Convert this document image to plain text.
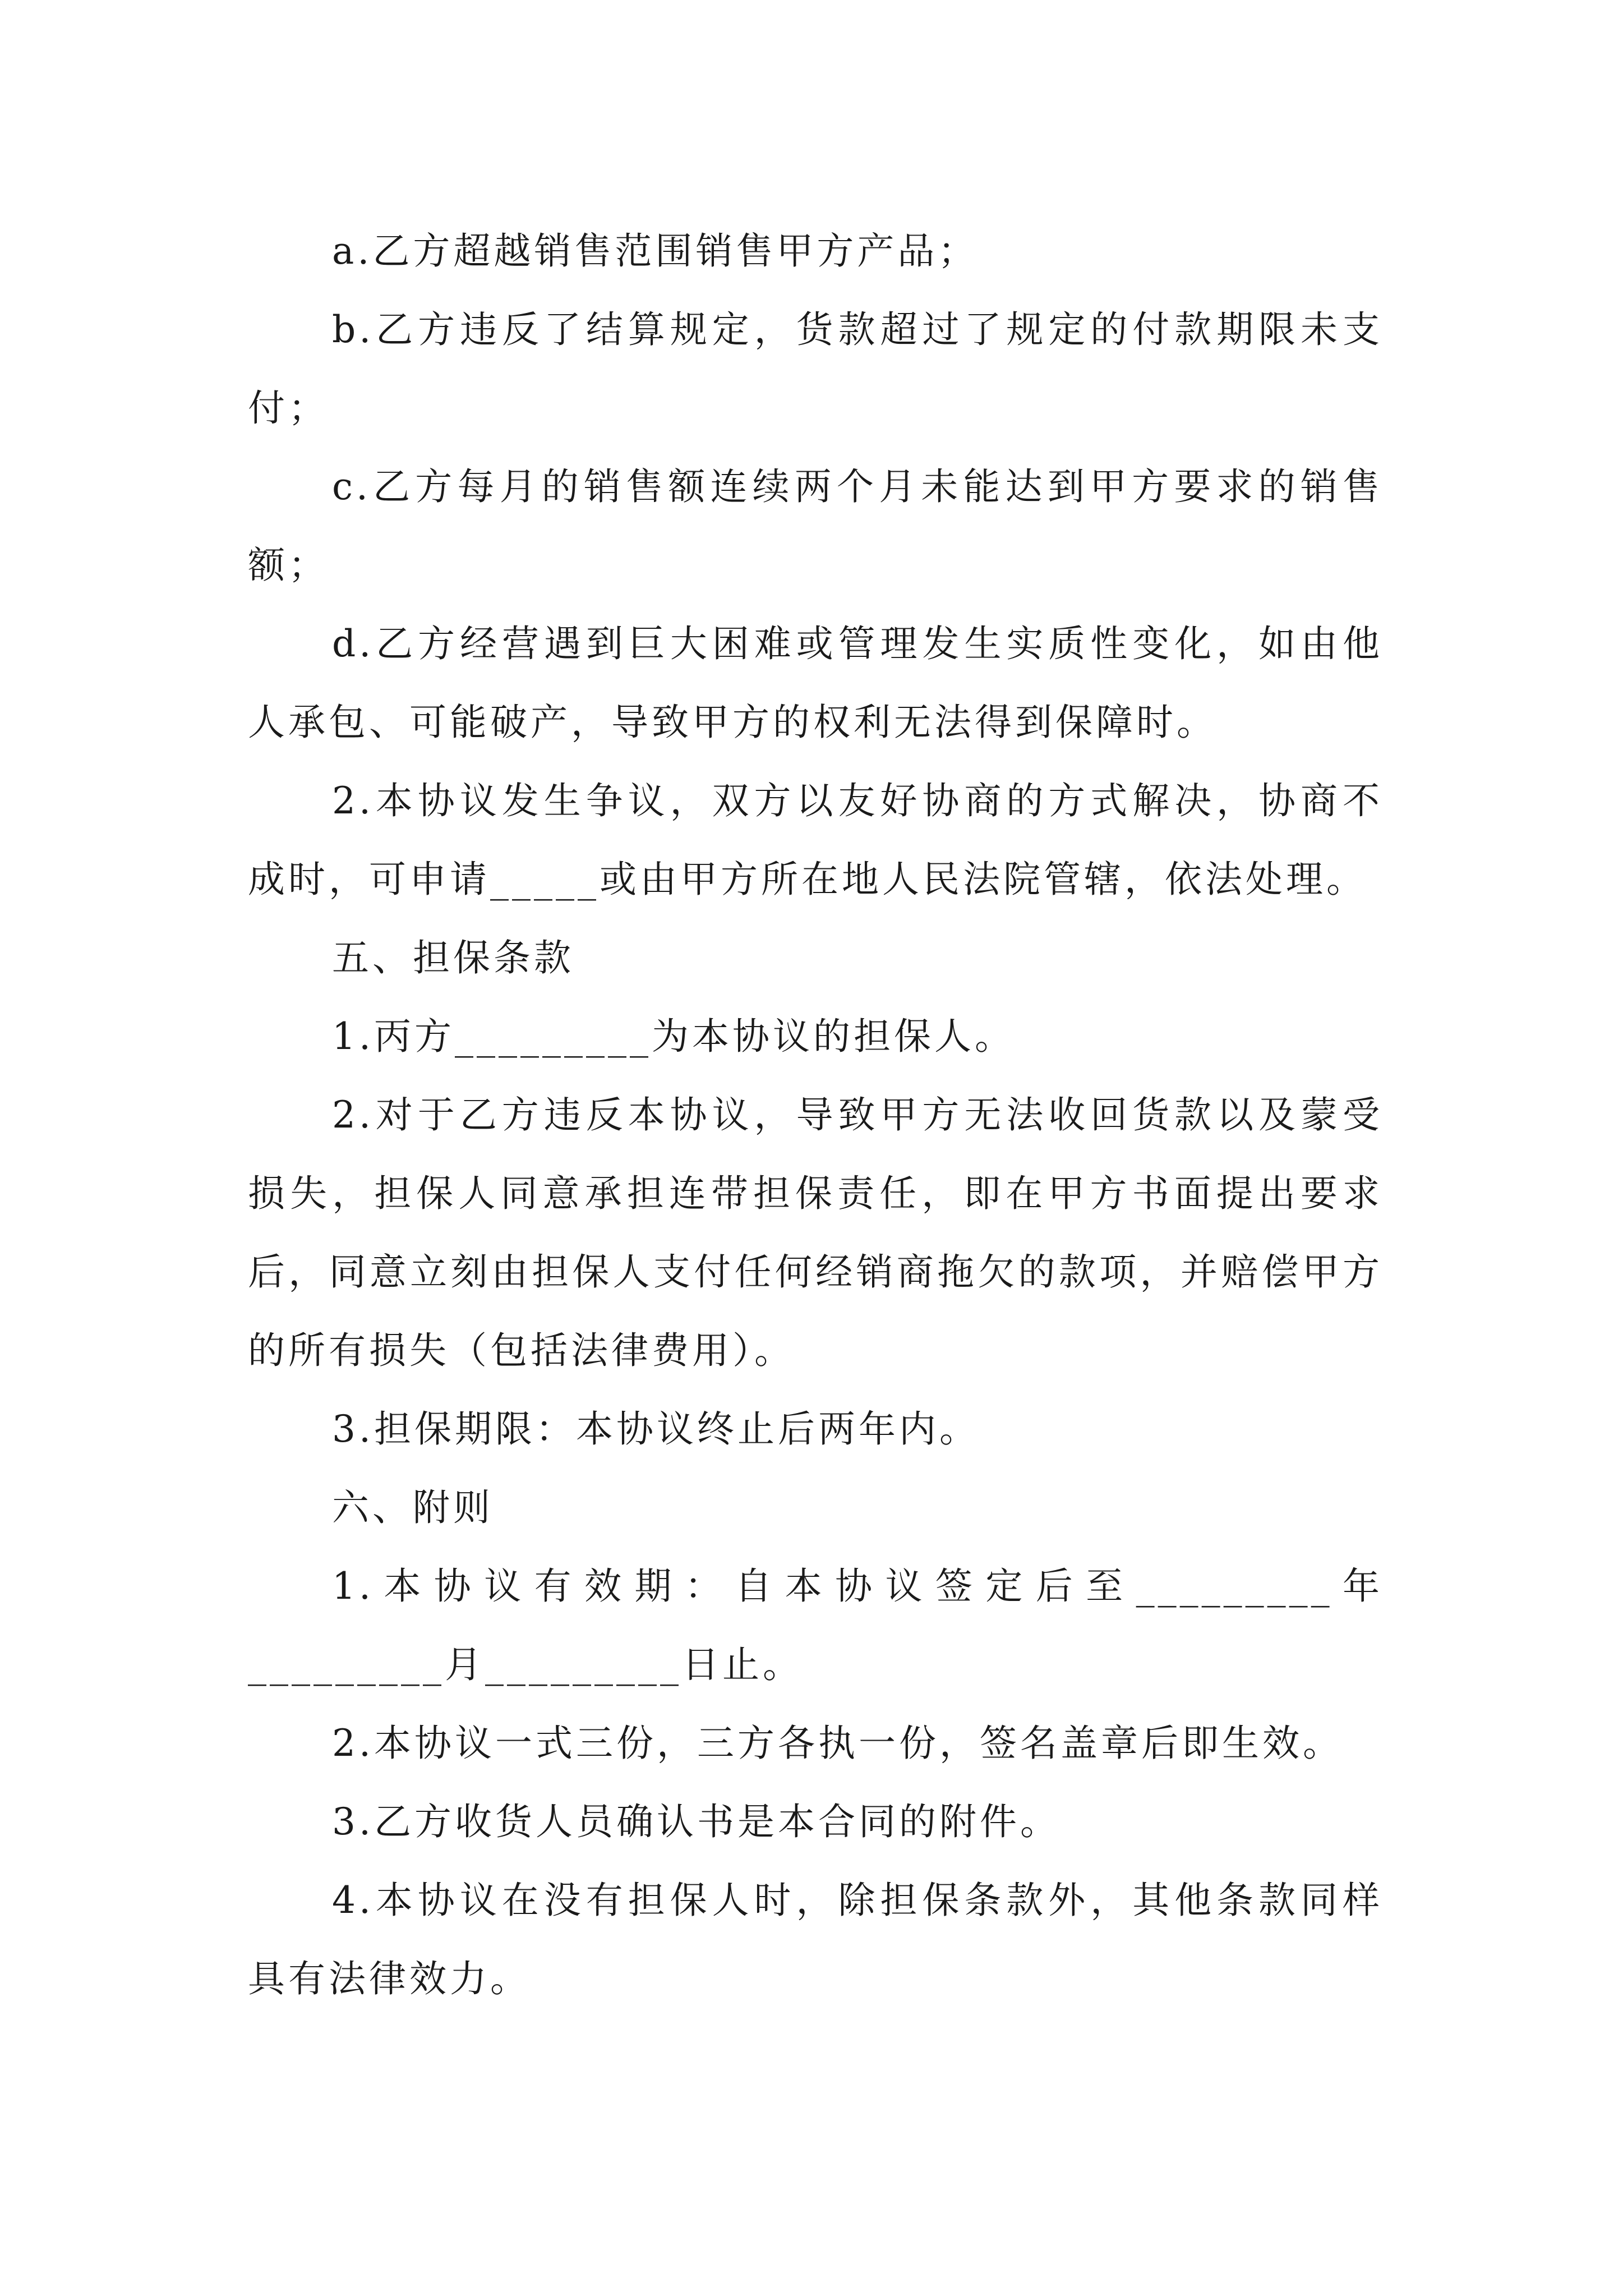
a.乙方超越销售范围销售甲方产品；

b.乙方违反了结算规定，货款超过了规定的付款期限未支付；

c.乙方每月的销售额连续两个月未能达到甲方要求的销售额；

d.乙方经营遇到巨大困难或管理发生实质性变化，如由他人承包、可能破产，导致甲方的权利无法得到保障时。

2.本协议发生争议，双方以友好协商的方式解决，协商不成时，可申请_____或由甲方所在地人民法院管辖，依法处理。

五、担保条款

1.丙方_________为本协议的担保人。

2.对于乙方违反本协议，导致甲方无法收回货款以及蒙受损失，担保人同意承担连带担保责任，即在甲方书面提出要求后，同意立刻由担保人支付任何经销商拖欠的款项，并赔偿甲方的所有损失（包括法律费用）。

3.担保期限：本协议终止后两年内。

六、附则

1.本协议有效期：自本协议签定后至_________年_________月_________日止。

2.本协议一式三份，三方各执一份，签名盖章后即生效。

3.乙方收货人员确认书是本合同的附件。

4.本协议在没有担保人时，除担保条款外，其他条款同样具有法律效力。
